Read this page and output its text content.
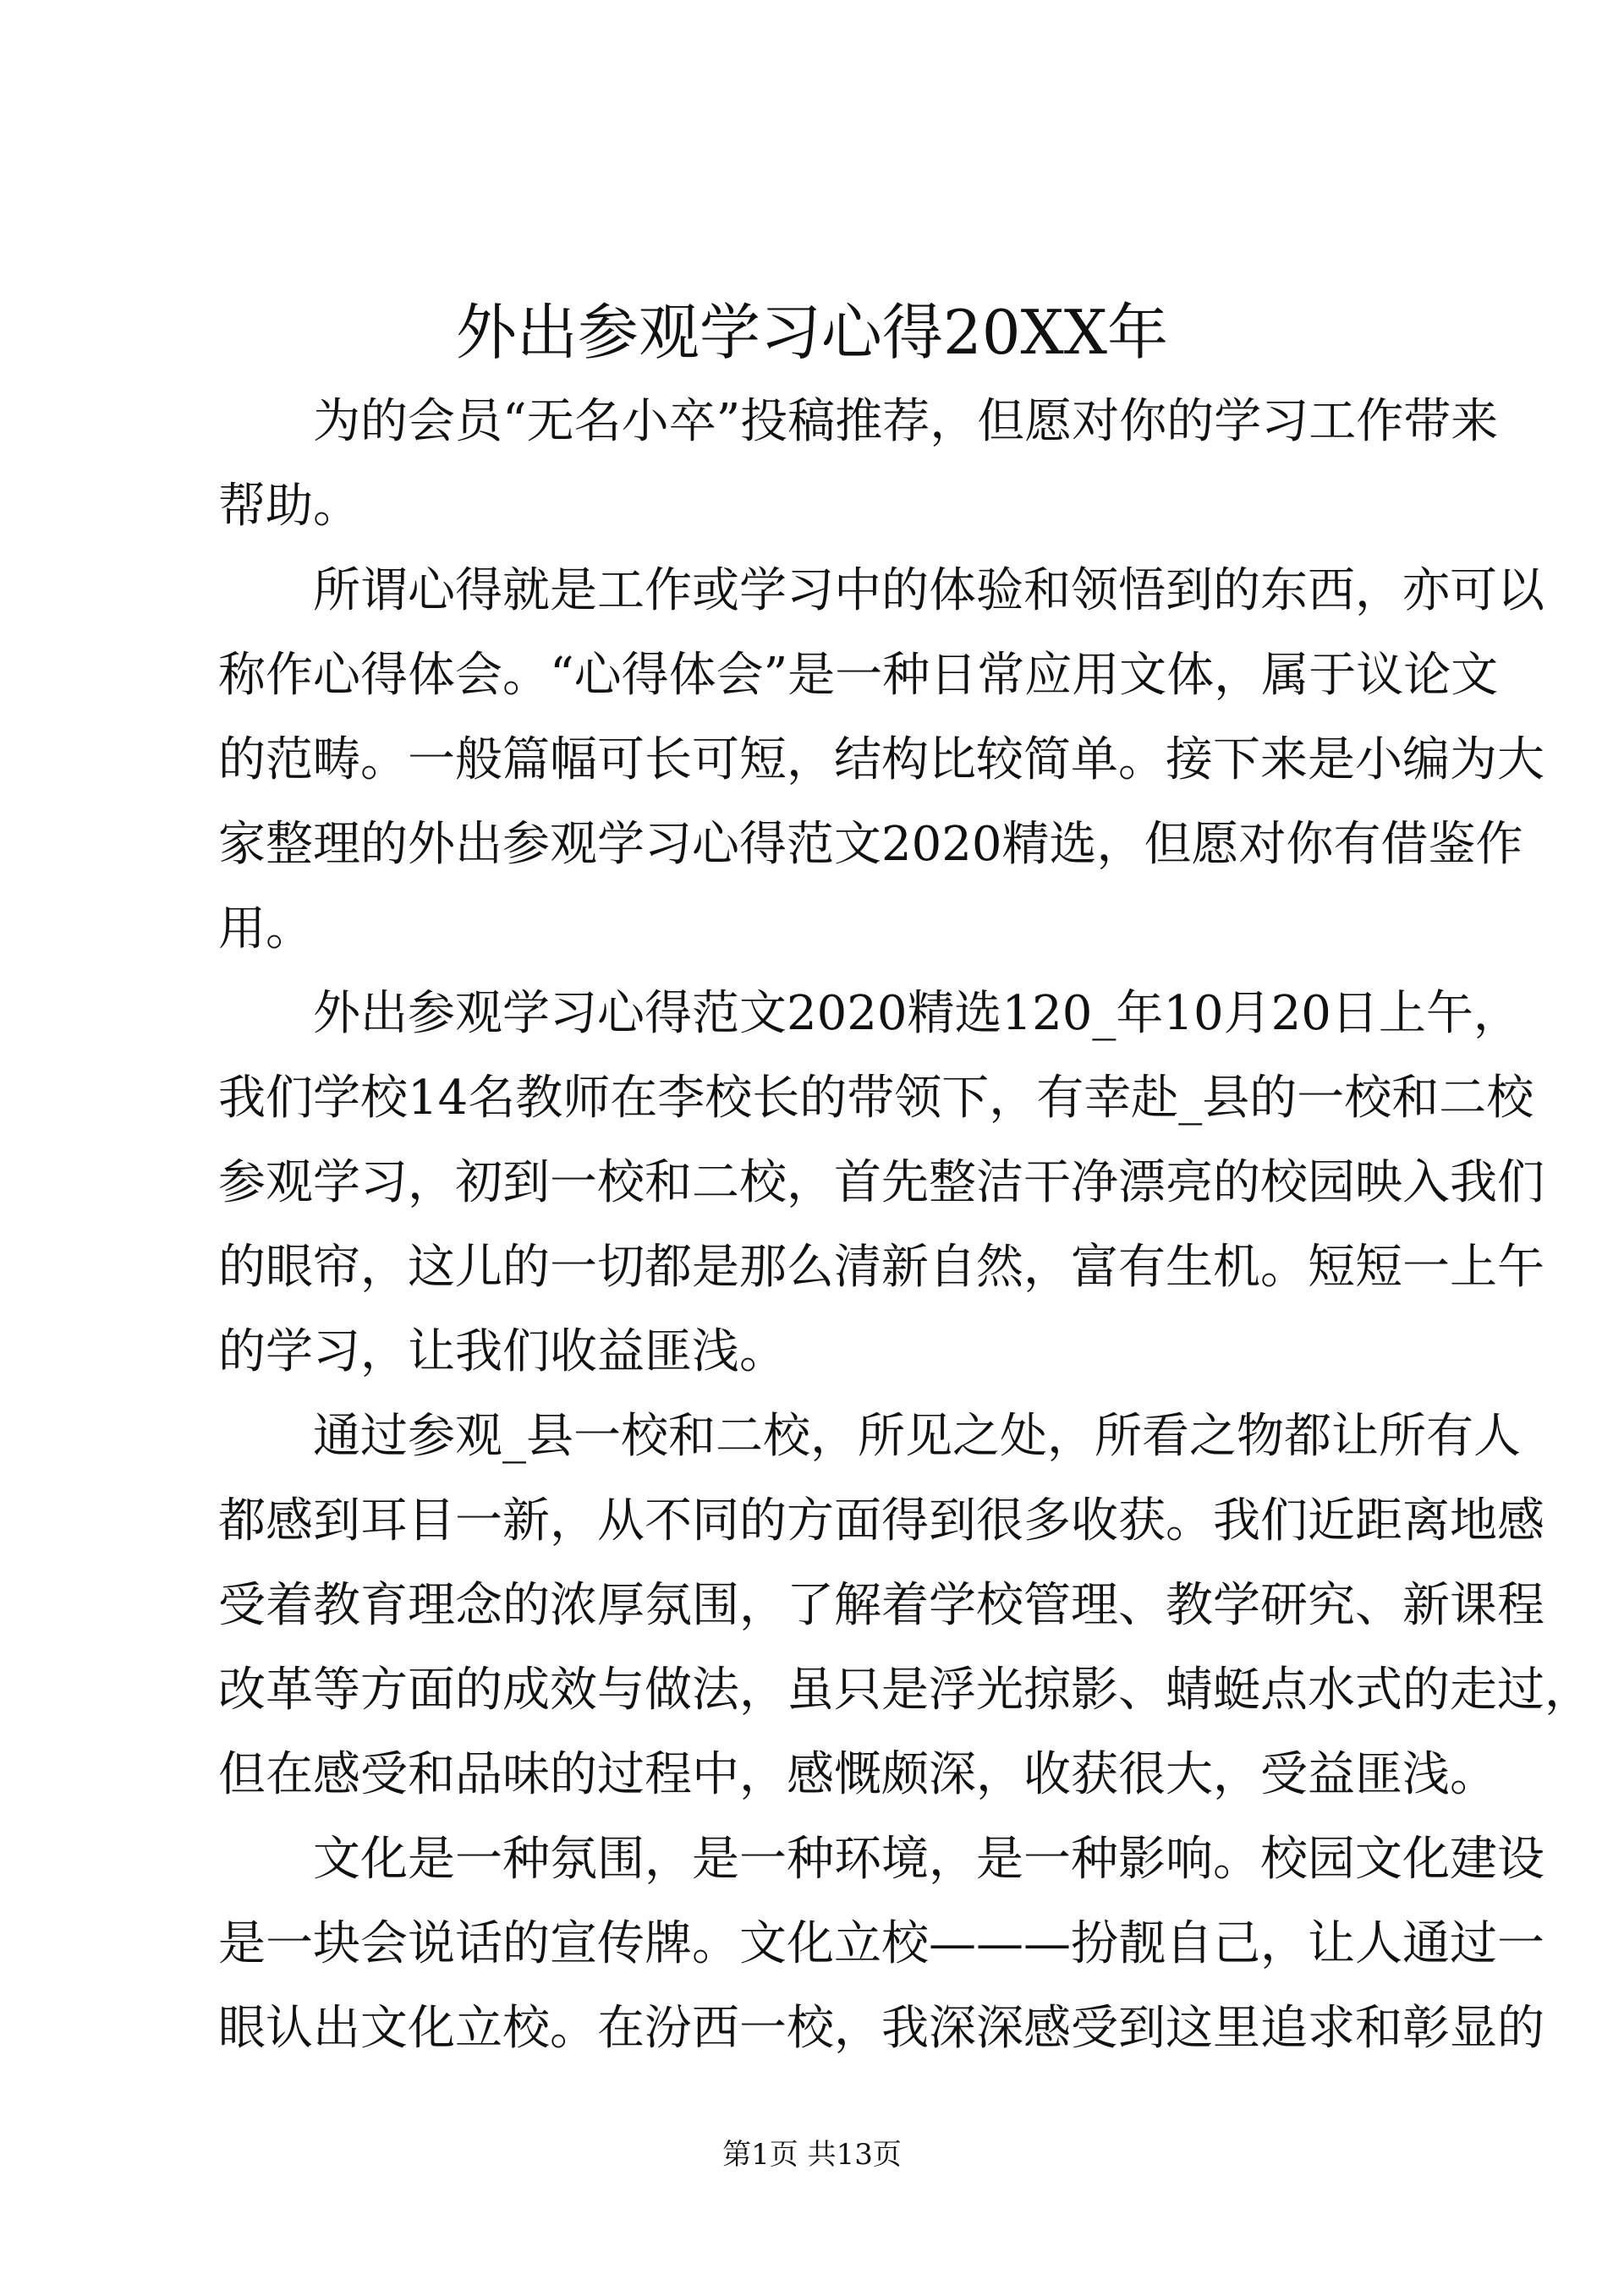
外出参观学习心得20XX年
为的会员“无名小卒”投稿推荐，但愿对你的学习工作带来
帮助。
所谓心得就是工作或学习中的体验和领悟到的东西，亦可以
称作心得体会。“心得体会”是一种日常应用文体，属于议论文
的范畴。一般篇幅可长可短，结构比较简单。接下来是小编为大
家整理的外出参观学习心得范文2020精选，但愿对你有借鉴作
用。
外出参观学习心得范文2020精选120_年10月20日上午，
我们学校14名教师在李校长的带领下，有幸赴_县的一校和二校
参观学习，初到一校和二校，首先整洁干净漂亮的校园映入我们
的眼帘，这儿的一切都是那么清新自然，富有生机。短短一上午
的学习，让我们收益匪浅。
通过参观_县一校和二校，所见之处，所看之物都让所有人
都感到耳目一新，从不同的方面得到很多收获。我们近距离地感
受着教育理念的浓厚氛围，了解着学校管理、教学研究、新课程
改革等方面的成效与做法，虽只是浮光掠影、蜻蜓点水式的走过，
但在感受和品味的过程中，感慨颇深，收获很大，受益匪浅。
文化是一种氛围，是一种环境，是一种影响。校园文化建设
是一块会说话的宣传牌。文化立校———扮靓自己，让人通过一
眼认出文化立校。在汾西一校，我深深感受到这里追求和彰显的
第1页 共13页
